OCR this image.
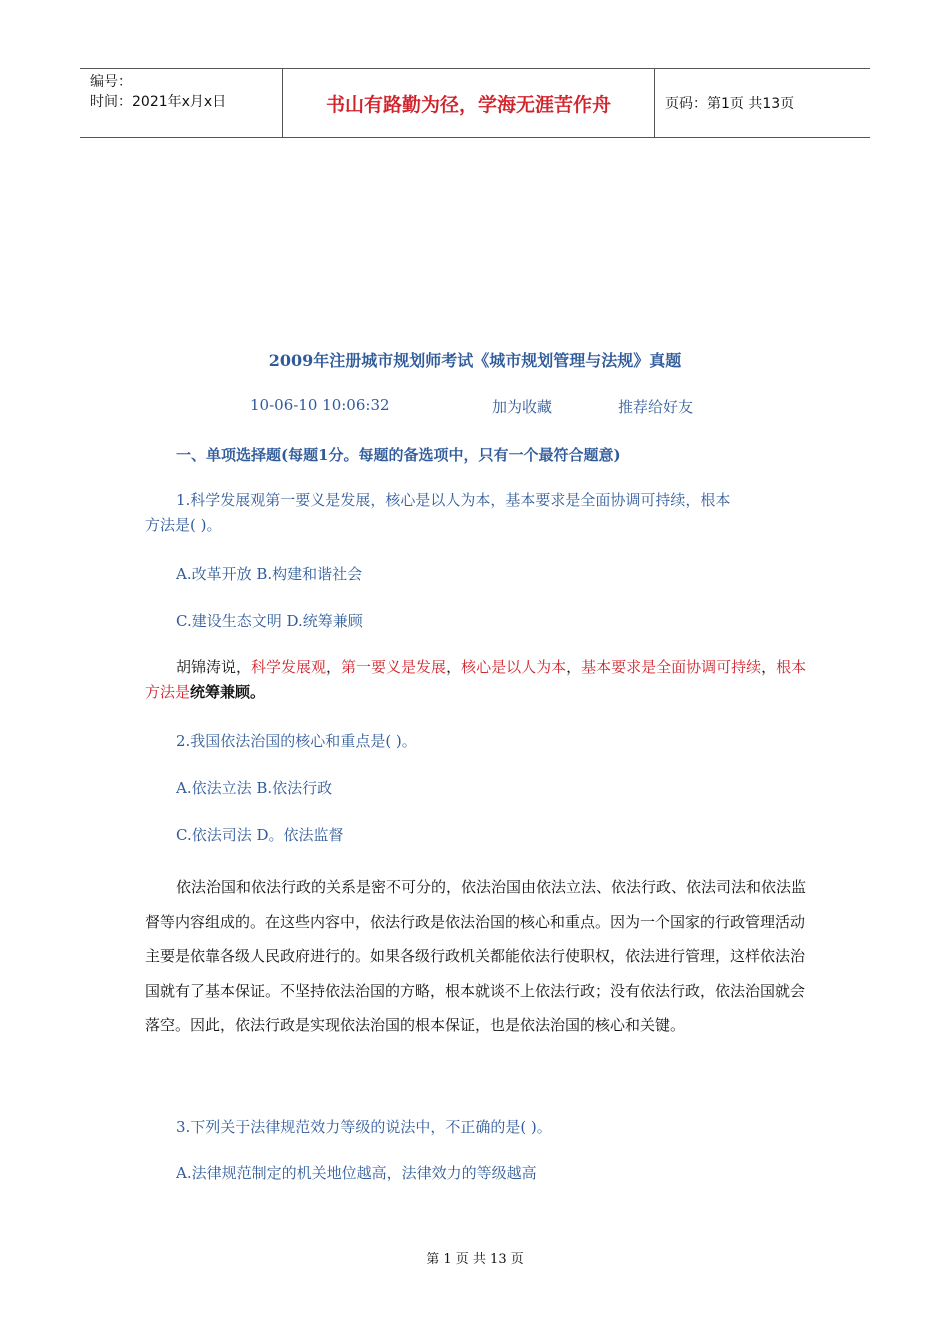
编号：
时间：2021年x月x日	书山有路勤为径，学海无涯苦作舟	页码：第1页 共13页
2009年注册城市规划师考试《城市规划管理与法规》真题
10-06-10 10:06:32	加为收藏	推荐给好友
一、单项选择题(每题1分。每题的备选项中，只有一个最符合题意)
1.科学发展观第一要义是发展，核心是以人为本，基本要求是全面协调可持续，根本
方法是( )。
A.改革开放 B.构建和谐社会
C.建设生态文明 D.统筹兼顾
胡锦涛说，科学发展观，第一要义是发展，核心是以人为本，基本要求是全面协调可持续，根本方法是统筹兼顾。
2.我国依法治国的核心和重点是( )。
A.依法立法 B.依法行政
C.依法司法 D。依法监督
依法治国和依法行政的关系是密不可分的，依法治国由依法立法、依法行政、依法司法和依法监督等内容组成的。在这些内容中，依法行政是依法治国的核心和重点。因为一个国家的行政管理活动主要是依靠各级人民政府进行的。如果各级行政机关都能依法行使职权，依法进行管理，这样依法治国就有了基本保证。不坚持依法治国的方略，根本就谈不上依法行政；没有依法行政，依法治国就会落空。因此，依法行政是实现依法治国的根本保证，也是依法治国的核心和关键。
3.下列关于法律规范效力等级的说法中，不正确的是( )。
A.法律规范制定的机关地位越高，法律效力的等级越高
第 1 页 共 13 页
